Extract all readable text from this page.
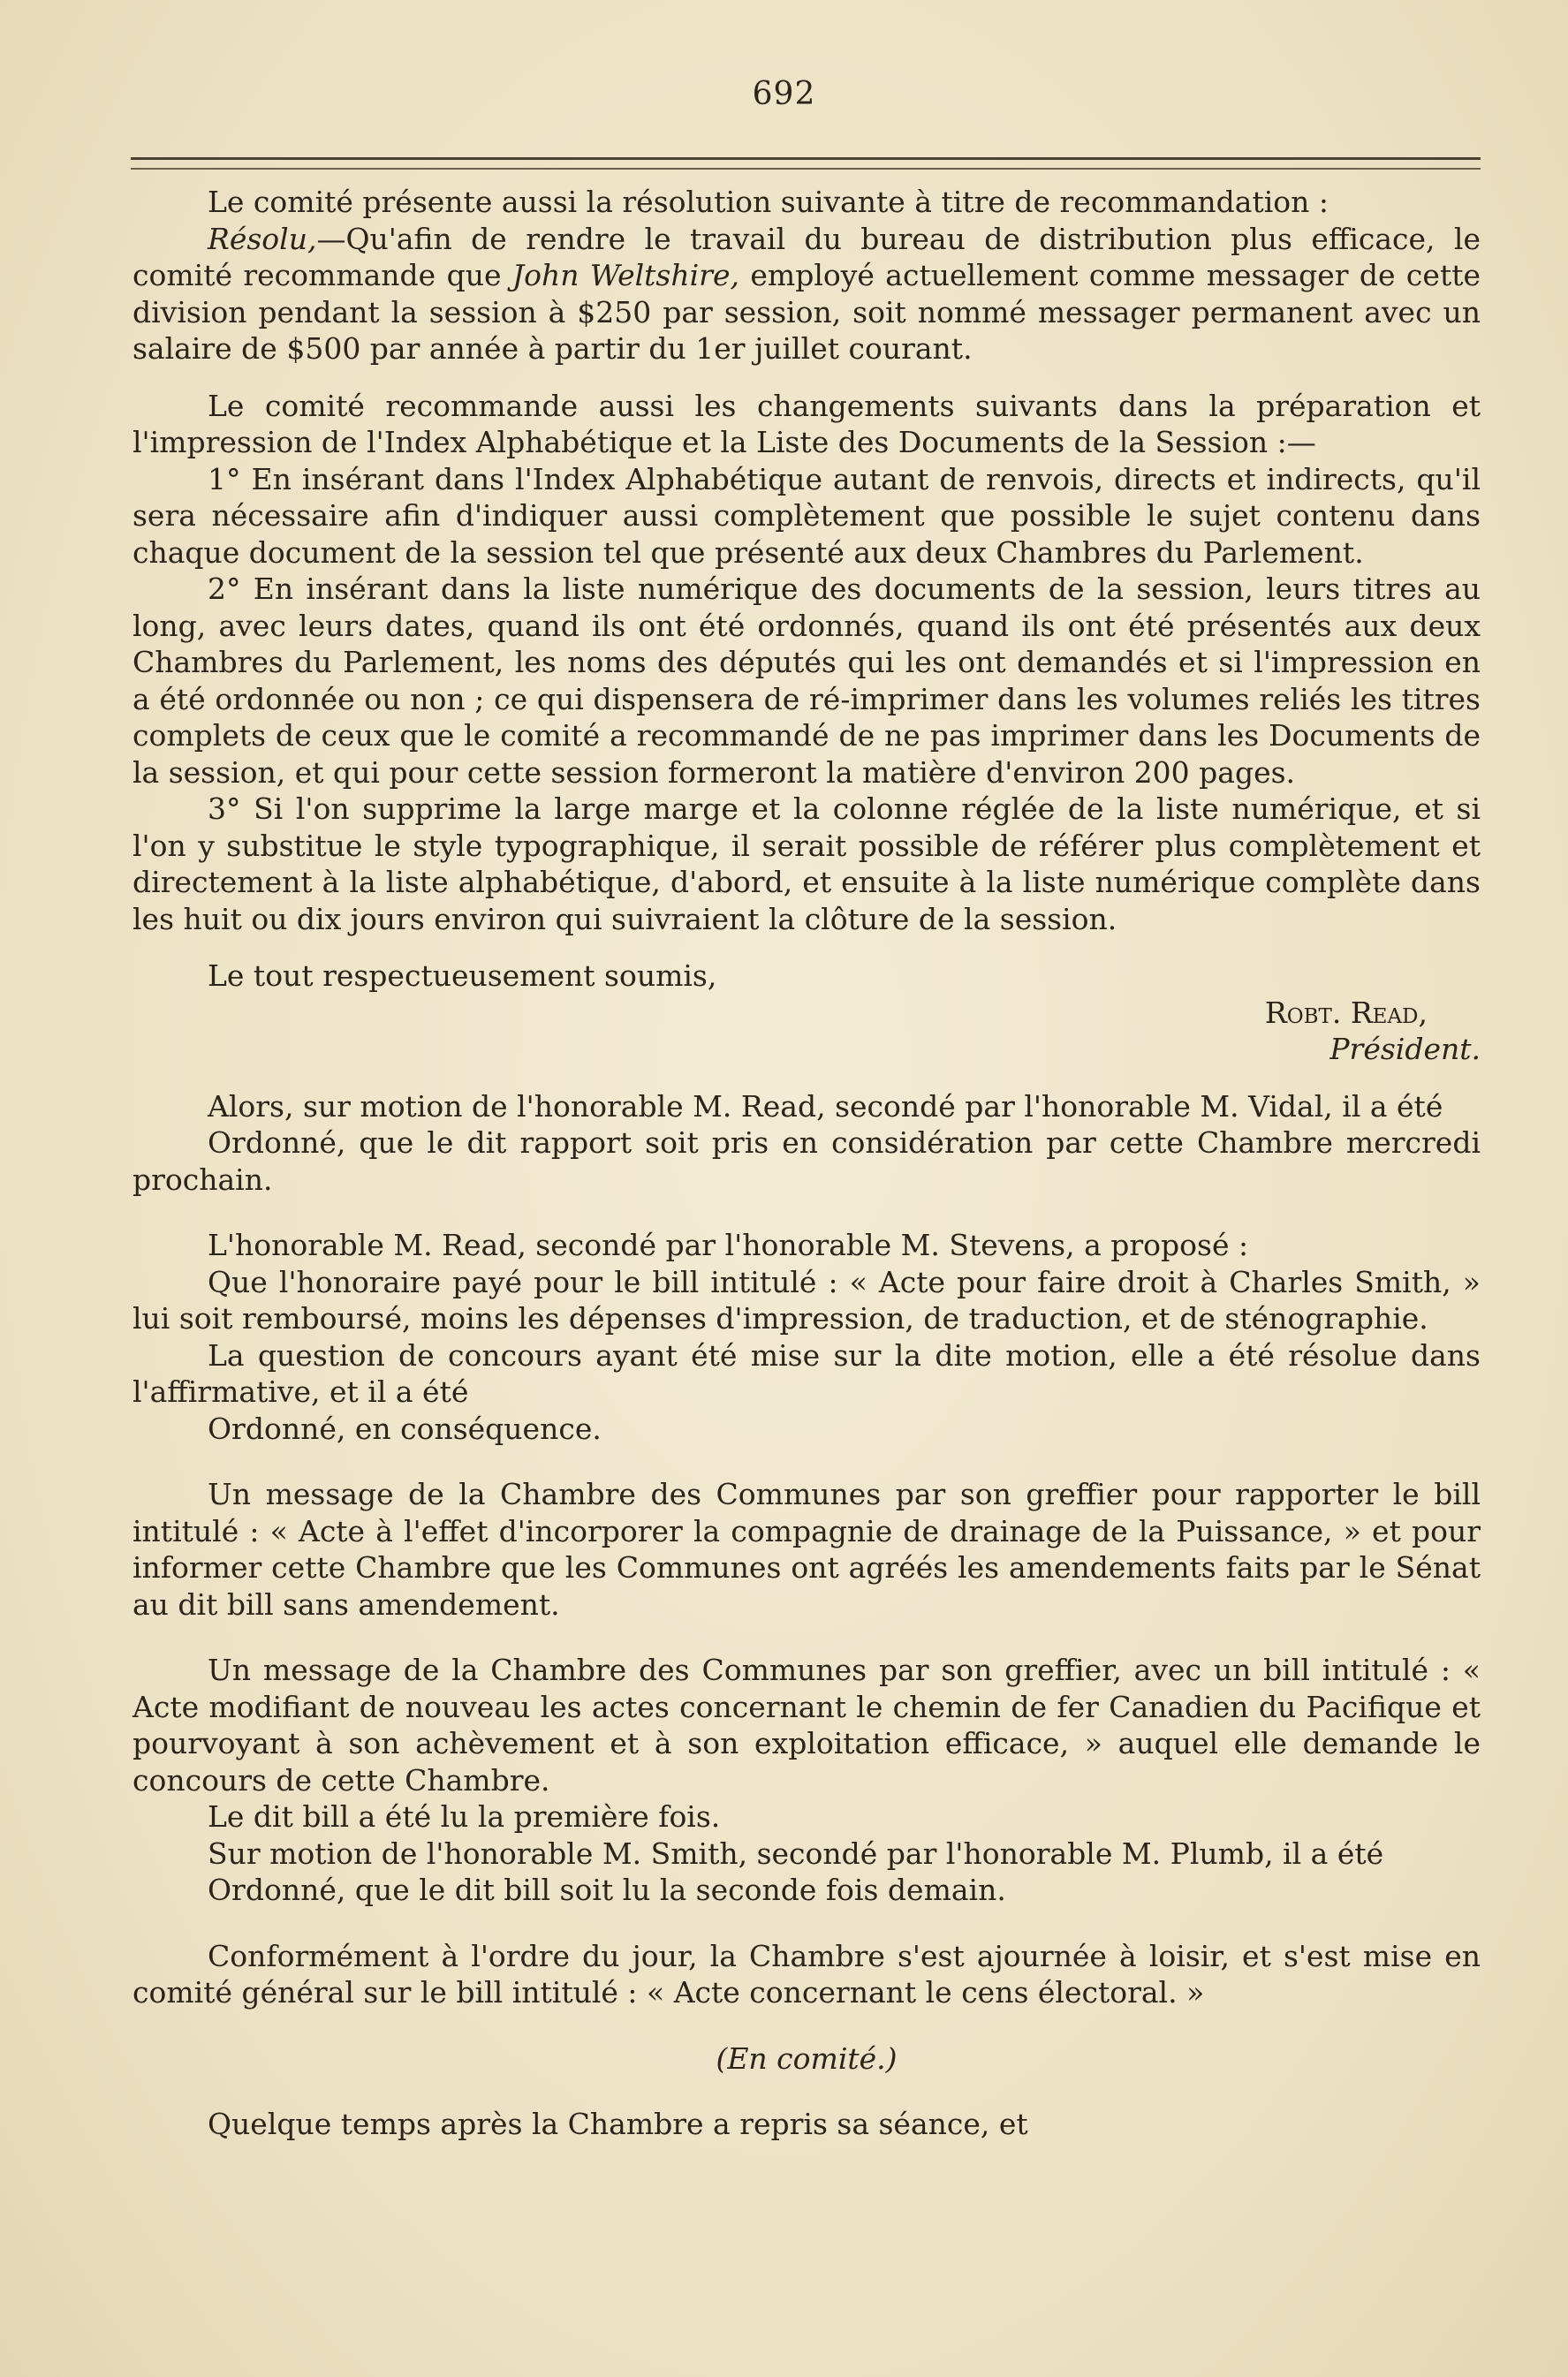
692

Le comité présente aussi la résolution suivante à titre de recommandation :

Résolu,—Qu'afin de rendre le travail du bureau de distribution plus efficace, le comité recommande que John Weltshire, employé actuellement comme messager de cette division pendant la session à $250 par session, soit nommé messager permanent avec un salaire de $500 par année à partir du 1er juillet courant.

Le comité recommande aussi les changements suivants dans la préparation et l'impression de l'Index Alphabétique et la Liste des Documents de la Session :—

1° En insérant dans l'Index Alphabétique autant de renvois, directs et indirects, qu'il sera nécessaire afin d'indiquer aussi complètement que possible le sujet contenu dans chaque document de la session tel que présenté aux deux Chambres du Parlement.

2° En insérant dans la liste numérique des documents de la session, leurs titres au long, avec leurs dates, quand ils ont été ordonnés, quand ils ont été présentés aux deux Chambres du Parlement, les noms des députés qui les ont demandés et si l'impression en a été ordonnée ou non ; ce qui dispensera de ré-imprimer dans les volumes reliés les titres complets de ceux que le comité a recommandé de ne pas imprimer dans les Documents de la session, et qui pour cette session formeront la matière d'environ 200 pages.

3° Si l'on supprime la large marge et la colonne réglée de la liste numérique, et si l'on y substitue le style typographique, il serait possible de référer plus complètement et directement à la liste alphabétique, d'abord, et ensuite à la liste numérique complète dans les huit ou dix jours environ qui suivraient la clôture de la session.

Le tout respectueusement soumis,

Robt. Read,

Président.

Alors, sur motion de l'honorable M. Read, secondé par l'honorable M. Vidal, il a été

Ordonné, que le dit rapport soit pris en considération par cette Chambre mercredi prochain.

L'honorable M. Read, secondé par l'honorable M. Stevens, a proposé :

Que l'honoraire payé pour le bill intitulé : « Acte pour faire droit à Charles Smith, » lui soit remboursé, moins les dépenses d'impression, de traduction, et de sténographie.

La question de concours ayant été mise sur la dite motion, elle a été résolue dans l'affirmative, et il a été

Ordonné, en conséquence.

Un message de la Chambre des Communes par son greffier pour rapporter le bill intitulé : « Acte à l'effet d'incorporer la compagnie de drainage de la Puissance, » et pour informer cette Chambre que les Communes ont agréés les amendements faits par le Sénat au dit bill sans amendement.

Un message de la Chambre des Communes par son greffier, avec un bill intitulé : « Acte modifiant de nouveau les actes concernant le chemin de fer Canadien du Pacifique et pourvoyant à son achèvement et à son exploitation efficace, » auquel elle demande le concours de cette Chambre.

Le dit bill a été lu la première fois.

Sur motion de l'honorable M. Smith, secondé par l'honorable M. Plumb, il a été

Ordonné, que le dit bill soit lu la seconde fois demain.

Conformément à l'ordre du jour, la Chambre s'est ajournée à loisir, et s'est mise en comité général sur le bill intitulé : « Acte concernant le cens électoral. »

(En comité.)

Quelque temps après la Chambre a repris sa séance, et
